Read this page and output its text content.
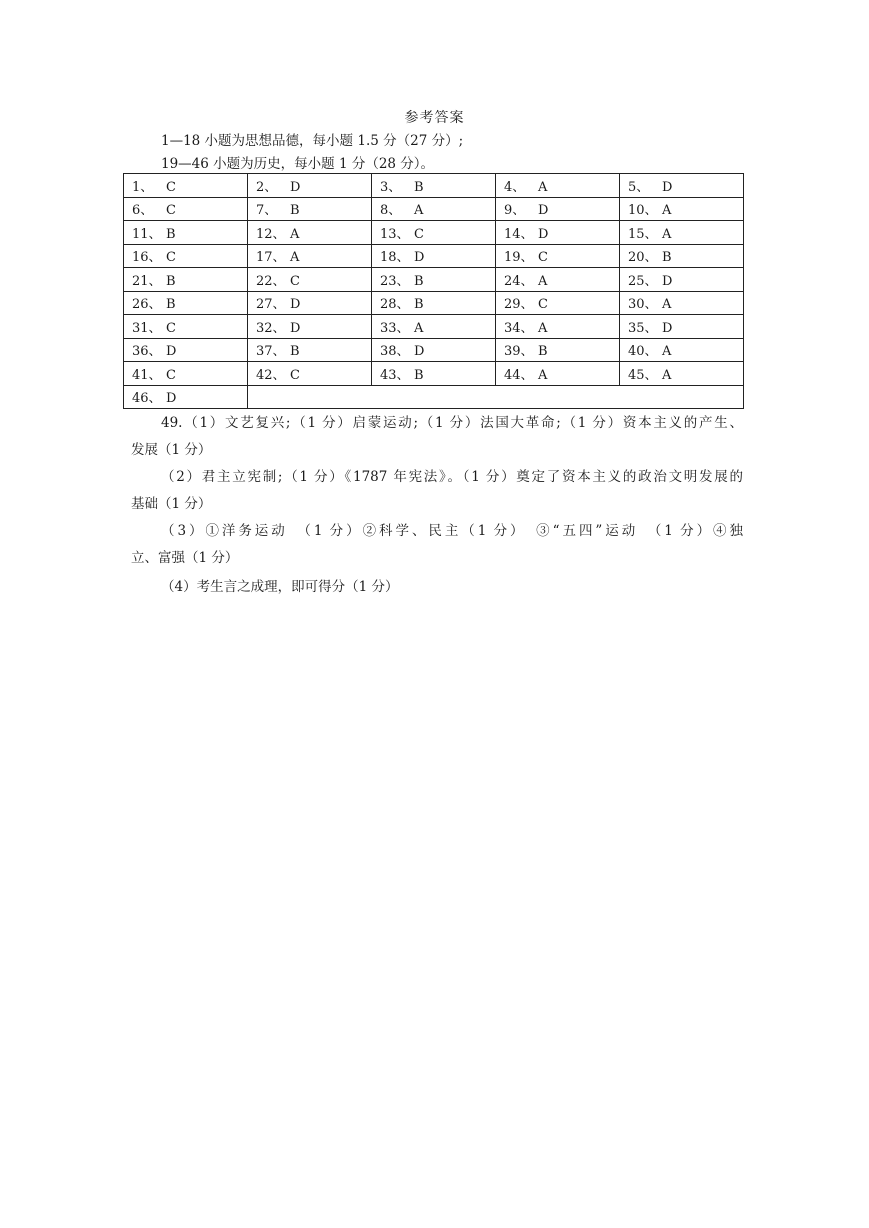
参考答案
1—18 小题为思想品德，每小题 1.5 分（27 分）;
19—46 小题为历史，每小题 1 分（28 分）。
1、 C	2、 D	3、 B	4、 A	5、 D
6、 C	7、 B	8、 A	9、 D	10、 A
11、 B	12、 A	13、 C	14、 D	15、 A
16、 C	17、 A	18、 D	19、 C	20、 B
21、 B	22、 C	23、 B	24、 A	25、 D
26、 B	27、 D	28、 B	29、 C	30、 A
31、 C	32、 D	33、 A	34、 A	35、 D
36、 D	37、 B	38、 D	39、 B	40、 A
41、 C	42、 C	43、 B	44、 A	45、 A
46、 D				
49.（1）文艺复兴;（1 分）启蒙运动;（1 分）法国大革命;（1 分）资本主义的产生、
发展（1 分）
（2）君主立宪制;（1 分）《1787 年宪法》。（1 分）奠定了资本主义的政治文明发展的
基础（1 分）
（3）①洋务运动　（1 分）②科学、民主（1 分）　③“五四”运动　（1 分）④独
立、富强（1 分）
（4）考生言之成理，即可得分（1 分）
